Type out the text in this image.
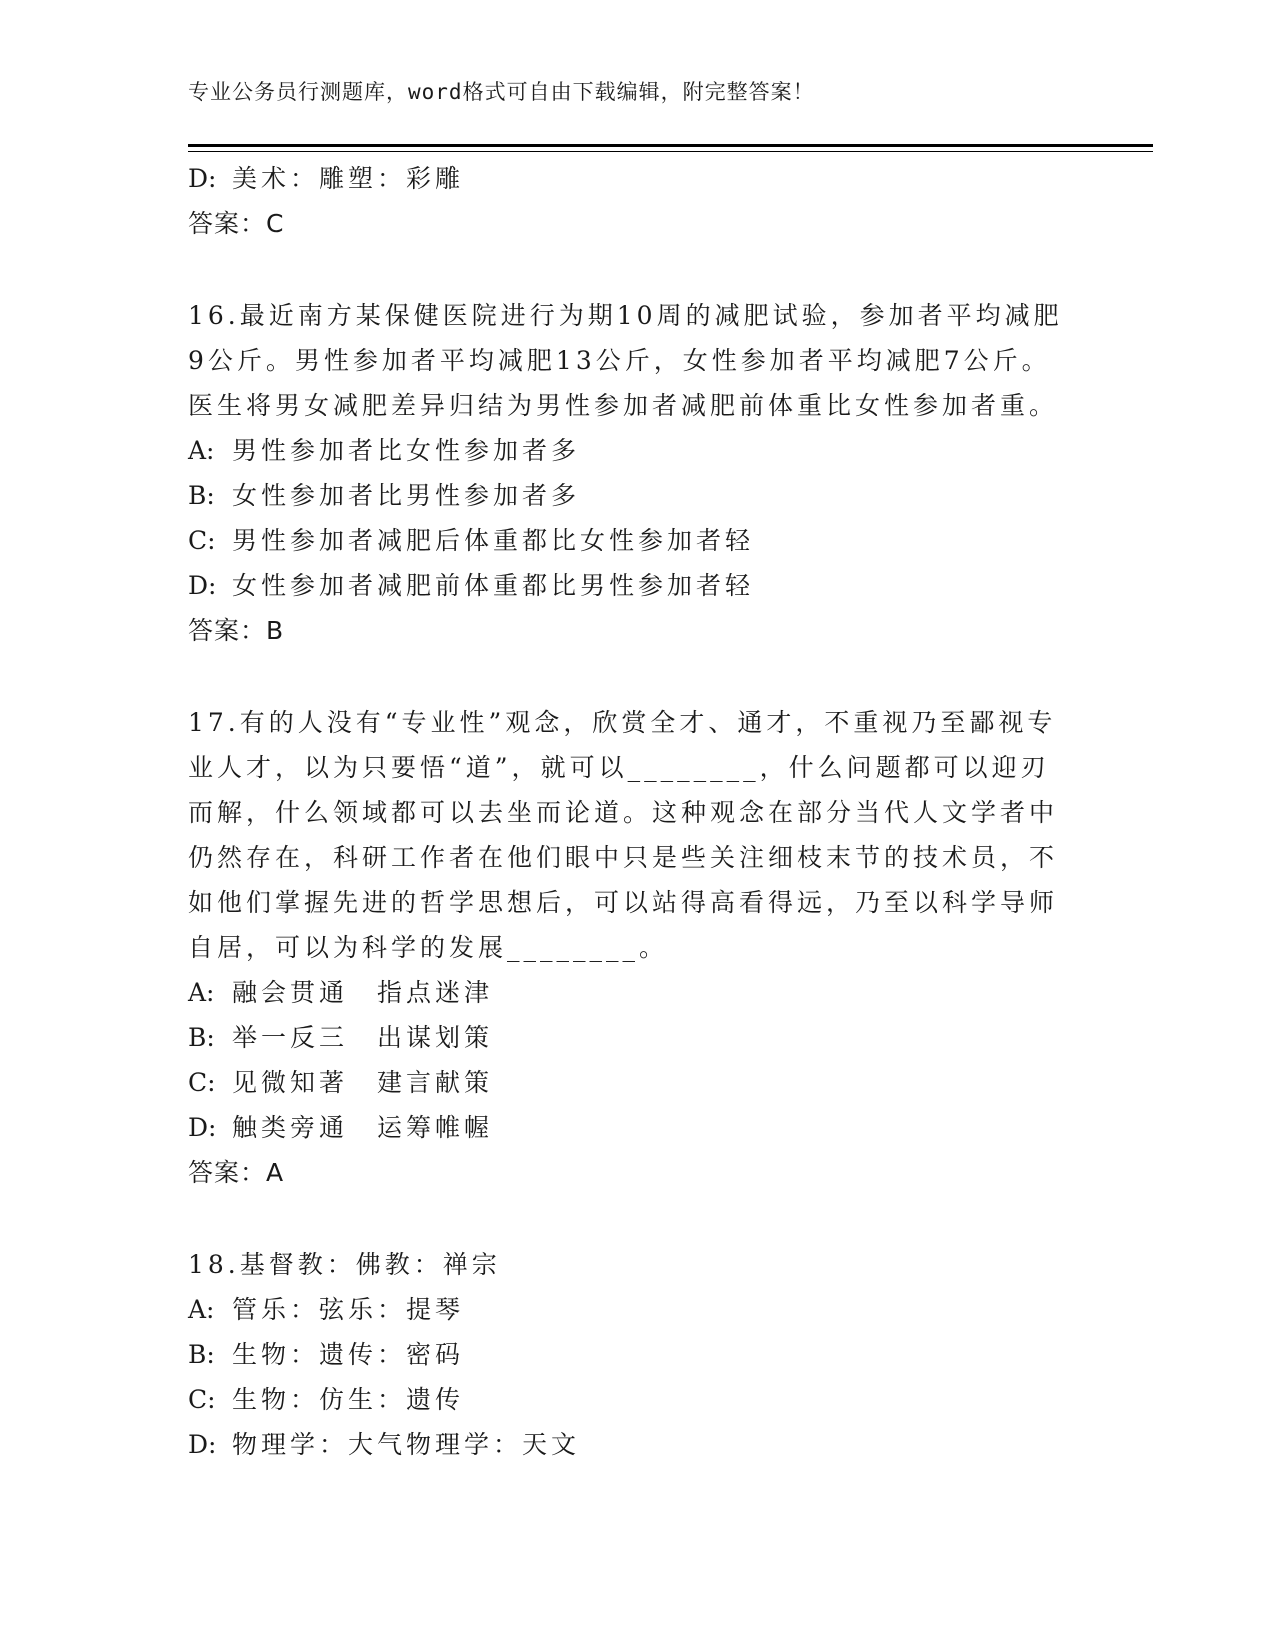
专业公务员行测题库，word格式可自由下载编辑，附完整答案！
D: 美术：雕塑：彩雕
答案：C
16.最近南方某保健医院进行为期10周的减肥试验，参加者平均减肥
9公斤。男性参加者平均减肥13公斤，女性参加者平均减肥7公斤。
医生将男女减肥差异归结为男性参加者减肥前体重比女性参加者重。
A: 男性参加者比女性参加者多
B: 女性参加者比男性参加者多
C: 男性参加者减肥后体重都比女性参加者轻
D: 女性参加者减肥前体重都比男性参加者轻
答案：B
17.有的人没有“专业性”观念，欣赏全才、通才，不重视乃至鄙视专
业人才，以为只要悟“道”，就可以________，什么问题都可以迎刃
而解，什么领域都可以去坐而论道。这种观念在部分当代人文学者中
仍然存在，科研工作者在他们眼中只是些关注细枝末节的技术员，不
如他们掌握先进的哲学思想后，可以站得高看得远，乃至以科学导师
自居，可以为科学的发展________。
A: 融会贯通　指点迷津
B: 举一反三　出谋划策
C: 见微知著　建言献策
D: 触类旁通　运筹帷幄
答案：A
18.基督教：佛教：禅宗
A: 管乐：弦乐：提琴
B: 生物：遗传：密码
C: 生物：仿生：遗传
D: 物理学：大气物理学：天文
